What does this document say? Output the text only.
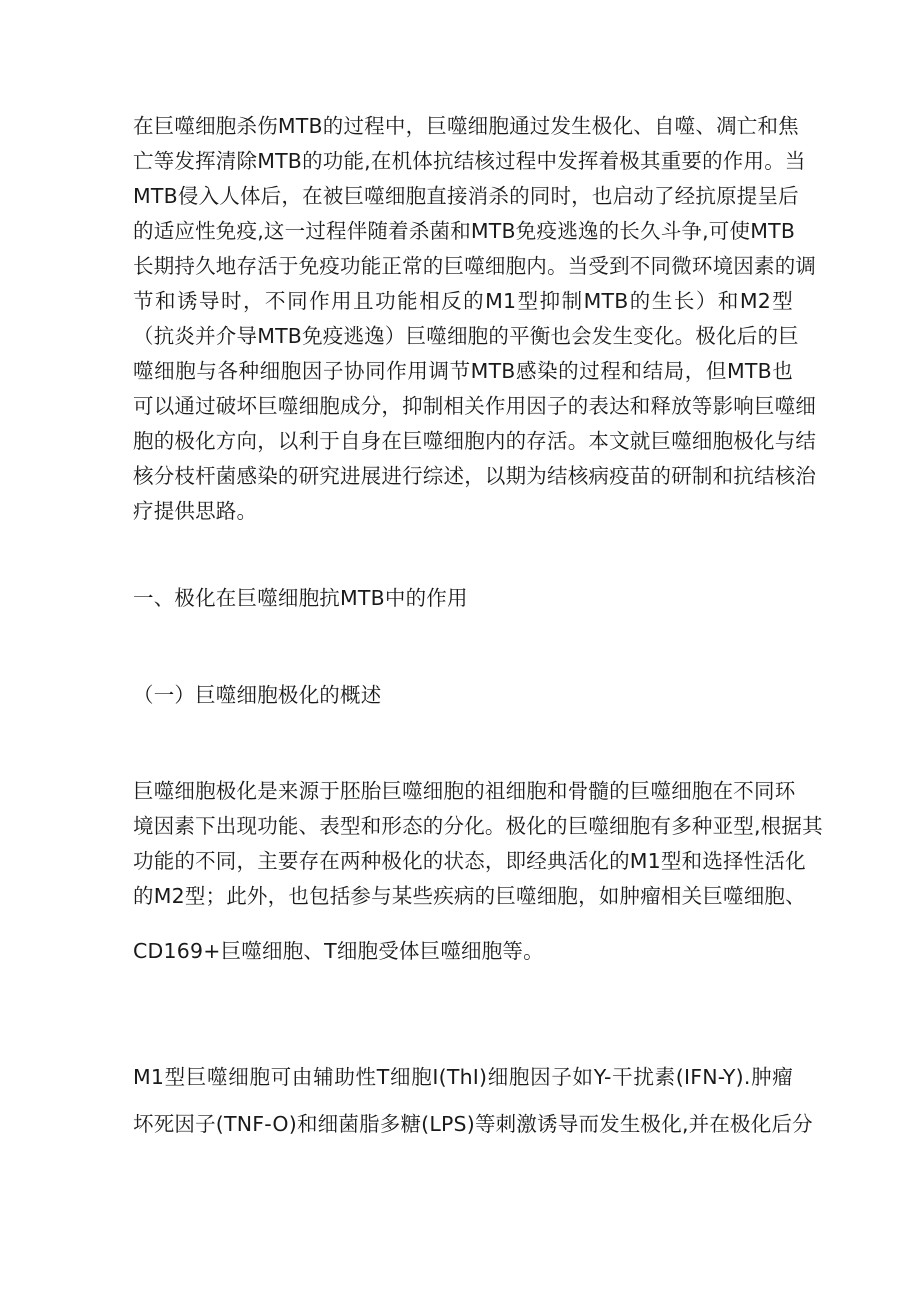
在巨噬细胞杀伤MTB的过程中，巨噬细胞通过发生极化、自噬、凋亡和焦
亡等发挥清除MTB的功能,在机体抗结核过程中发挥着极其重要的作用。当
MTB侵入人体后，在被巨噬细胞直接消杀的同时，也启动了经抗原提呈后
的适应性免疫,这一过程伴随着杀菌和MTB免疫逃逸的长久斗争,可使MTB
长期持久地存活于免疫功能正常的巨噬细胞内。当受到不同微环境因素的调
节和诱导时，不同作用且功能相反的M1型抑制MTB的生长）和M2型
（抗炎并介导MTB免疫逃逸）巨噬细胞的平衡也会发生变化。极化后的巨
噬细胞与各种细胞因子协同作用调节MTB感染的过程和结局，但MTB也
可以通过破坏巨噬细胞成分，抑制相关作用因子的表达和释放等影响巨噬细
胞的极化方向，以利于自身在巨噬细胞内的存活。本文就巨噬细胞极化与结
核分枝杆菌感染的研究进展进行综述，以期为结核病疫苗的研制和抗结核治
疗提供思路。
一、极化在巨噬细胞抗MTB中的作用
（一）巨噬细胞极化的概述
巨噬细胞极化是来源于胚胎巨噬细胞的祖细胞和骨髓的巨噬细胞在不同环
境因素下出现功能、表型和形态的分化。极化的巨噬细胞有多种亚型,根据其
功能的不同，主要存在两种极化的状态，即经典活化的M1型和选择性活化
的M2型；此外，也包括参与某些疾病的巨噬细胞，如肿瘤相关巨噬细胞、
CD169+巨噬细胞、T细胞受体巨噬细胞等。
M1型巨噬细胞可由辅助性T细胞I(ThI)细胞因子如Y-干扰素(IFN-Y).肿瘤
坏死因子(TNF-O)和细菌脂多糖(LPS)等刺激诱导而发生极化,并在极化后分
